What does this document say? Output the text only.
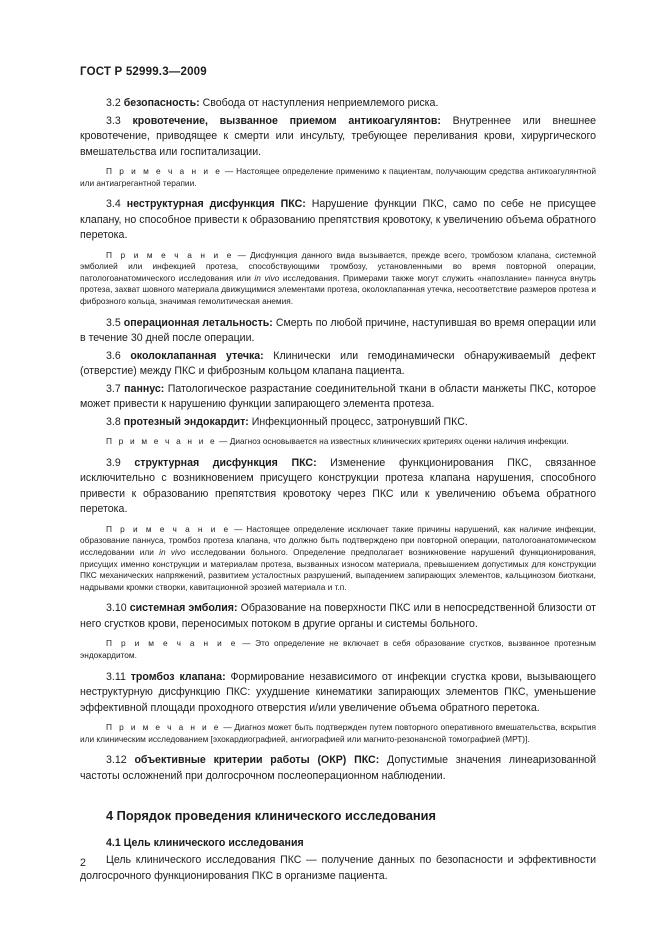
ГОСТ Р 52999.3—2009

3.2 безопасность: Свобода от наступления неприемлемого риска.

3.3 кровотечение, вызванное приемом антикоагулянтов: Внутреннее или внешнее кровотечение, приводящее к смерти или инсульту, требующее переливания крови, хирургического вмешательства или госпитализации.

П р и м е ч а н и е — Настоящее определение применимо к пациентам, получающим средства антикоагулянтной или антиагрегантной терапии.

3.4 неструктурная дисфункция ПКС: Нарушение функции ПКС, само по себе не присущее клапану, но способное привести к образованию препятствия кровотоку, к увеличению объема обратного перетока.

П р и м е ч а н и е — Дисфункция данного вида вызывается, прежде всего, тромбозом клапана, системной эмболией или инфекцией протеза, способствующими тромбозу, установленными во время повторной операции, патологоанатомического исследования или in vivo исследования. Примерами также могут служить «напозлание» паннуса внутрь протеза, захват шовного материала движущимися элементами протеза, околоклапанная утечка, несоответствие размеров протеза и фиброзного кольца, значимая гемолитическая анемия.

3.5 операционная летальность: Смерть по любой причине, наступившая во время операции или в течение 30 дней после операции.

3.6 околоклапанная утечка: Клинически или гемодинамически обнаруживаемый дефект (отверстие) между ПКС и фиброзным кольцом клапана пациента.

3.7 паннус: Патологическое разрастание соединительной ткани в области манжеты ПКС, которое может привести к нарушению функции запирающего элемента протеза.

3.8 протезный эндокардит: Инфекционный процесс, затронувший ПКС.

П р и м е ч а н и е — Диагноз основывается на известных клинических критериях оценки наличия инфекции.

3.9 структурная дисфункция ПКС: Изменение функционирования ПКС, связанное исключительно с возникновением присущего конструкции протеза клапана нарушения, способного привести к образованию препятствия кровотоку через ПКС или к увеличению объема обратного перетока.

П р и м е ч а н и е — Настоящее определение исключает такие причины нарушений, как наличие инфекции, образование паннуса, тромбоз протеза клапана, что должно быть подтверждено при повторной операции, патологоанатомическом исследовании или in vivo исследовании больного. Определение предполагает возникновение нарушений функционирования, присущих именно конструкции и материалам протеза, вызванных износом материала, превышением допустимых для конструкции ПКС механических напряжений, развитием усталостных разрушений, выпадением запирающих элементов, кальцинозом биоткани, надрывами кромки створки, кавитационной эрозией материала и т.п.

3.10 системная эмболия: Образование на поверхности ПКС или в непосредственной близости от него сгустков крови, переносимых потоком в другие органы и системы больного.

П р и м е ч а н и е — Это определение не включает в себя образование сгустков, вызванное протезным эндокардитом.

3.11 тромбоз клапана: Формирование независимого от инфекции сгустка крови, вызывающего неструктурную дисфункцию ПКС: ухудшение кинематики запирающих элементов ПКС, уменьшение эффективной площади проходного отверстия и/или увеличение объема обратного перетока.

П р и м е ч а н и е — Диагноз может быть подтвержден путем повторного оперативного вмешательства, вскрытия или клиническим исследованием [эхокардиографией, ангиографией или магнито-резонансной томографией (МРТ)].

3.12 объективные критерии работы (ОКР) ПКС: Допустимые значения линеаризованной частоты осложнений при долгосрочном послеоперационном наблюдении.

4 Порядок проведения клинического исследования
4.1 Цель клинического исследования

Цель клинического исследования ПКС — получение данных по безопасности и эффективности долгосрочного функционирования ПКС в организме пациента.

2
